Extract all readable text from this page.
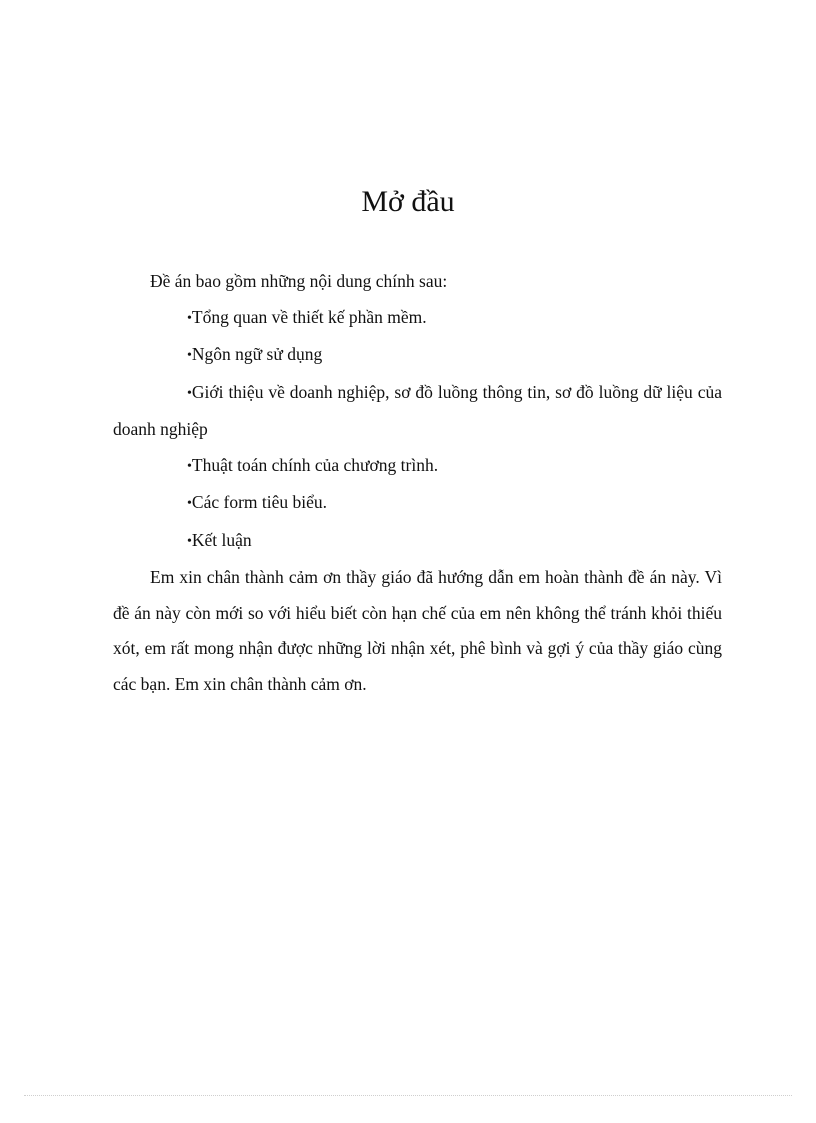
Mở đầu

Đề án bao gồm những nội dung chính sau:

•Tổng quan về thiết kế phần mềm.

•Ngôn ngữ sử dụng

•Giới thiệu về doanh nghiệp, sơ đồ luồng thông tin, sơ đồ luồng dữ liệu của doanh nghiệp

•Thuật toán chính của chương trình.

•Các form tiêu biểu.

•Kết luận

Em xin chân thành cảm ơn thầy giáo đã hướng dẫn em hoàn thành đề án này. Vì đề án này còn mới so với hiểu biết còn hạn chế của em nên không thể tránh khỏi thiếu xót, em rất mong nhận được những lời nhận xét, phê bình và gợi ý của thầy giáo cùng các bạn. Em xin chân thành cảm ơn.
